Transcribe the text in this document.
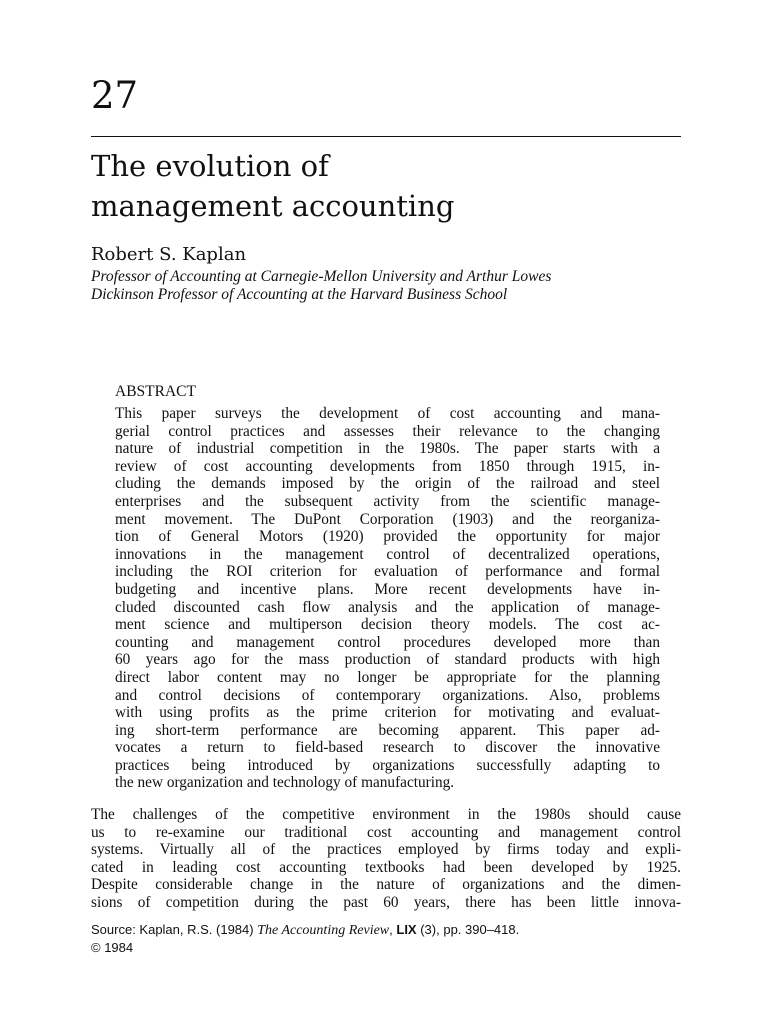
27
The evolution of
management accounting

Robert S. Kaplan

Professor of Accounting at Carnegie-Mellon University and Arthur Lowes
Dickinson Professor of Accounting at the Harvard Business School

ABSTRACT
This paper surveys the development of cost accounting and mana-
gerial control practices and assesses their relevance to the changing
nature of industrial competition in the 1980s. The paper starts with a
review of cost accounting developments from 1850 through 1915, in-
cluding the demands imposed by the origin of the railroad and steel
enterprises and the subsequent activity from the scientific manage-
ment movement. The DuPont Corporation (1903) and the reorganiza-
tion of General Motors (1920) provided the opportunity for major
innovations in the management control of decentralized operations,
including the ROI criterion for evaluation of performance and formal
budgeting and incentive plans. More recent developments have in-
cluded discounted cash flow analysis and the application of manage-
ment science and multiperson decision theory models. The cost ac-
counting and management control procedures developed more than
60 years ago for the mass production of standard products with high
direct labor content may no longer be appropriate for the planning
and control decisions of contemporary organizations. Also, problems
with using profits as the prime criterion for motivating and evaluat-
ing short-term performance are becoming apparent. This paper ad-
vocates a return to field-based research to discover the innovative
practices being introduced by organizations successfully adapting to
the new organization and technology of manufacturing.
The challenges of the competitive environment in the 1980s should cause
us to re-examine our traditional cost accounting and management control
systems. Virtually all of the practices employed by firms today and expli-
cated in leading cost accounting textbooks had been developed by 1925.
Despite considerable change in the nature of organizations and the dimen-
sions of competition during the past 60 years, there has been little innova-

Source: Kaplan, R.S. (1984) The Accounting Review, LIX (3), pp. 390–418.
© 1984
